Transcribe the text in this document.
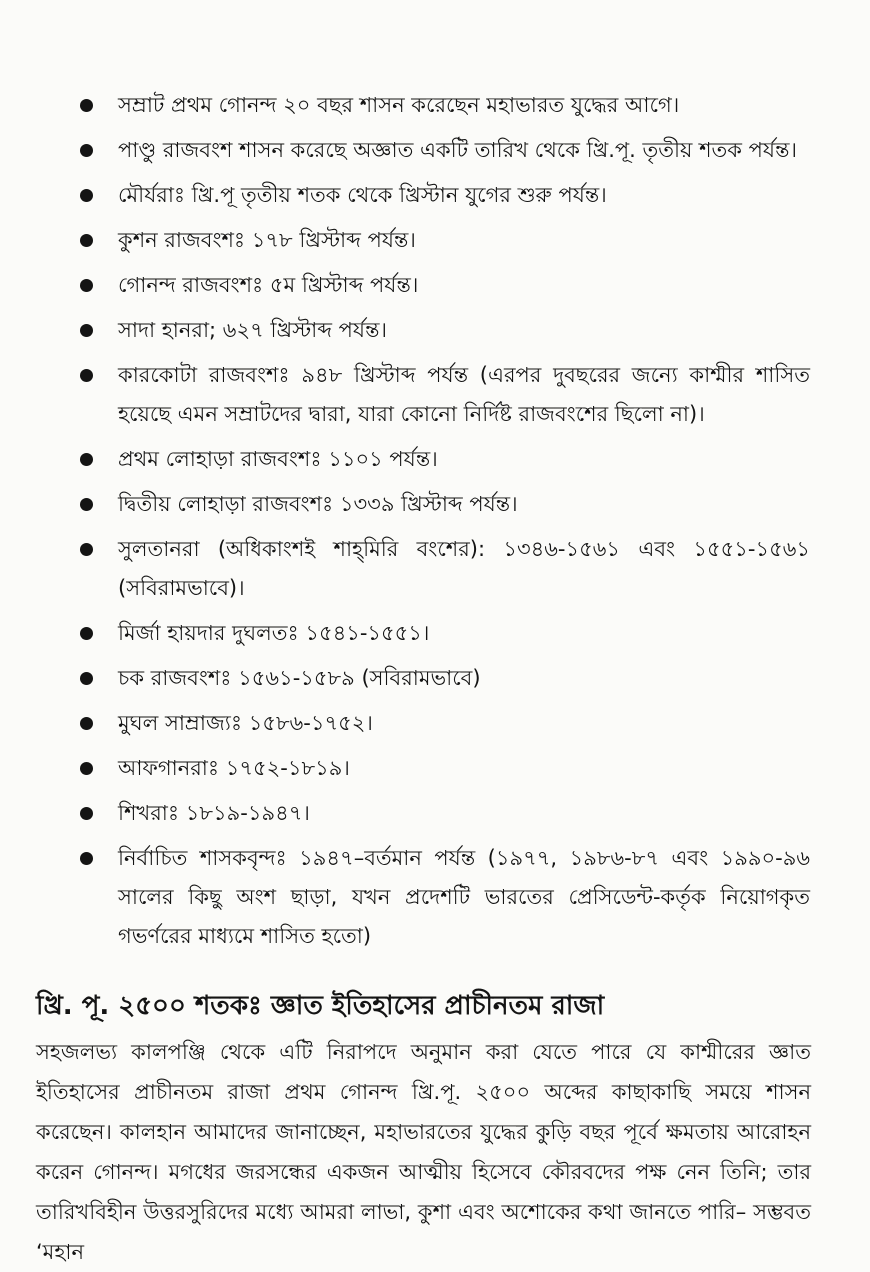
সম্রাট প্রথম গোনন্দ ২০ বছর শাসন করেছেন মহাভারত যুদ্ধের আগে।
পাণ্ডু রাজবংশ শাসন করেছে অজ্ঞাত একটি তারিখ থেকে খ্রি.পূ. তৃতীয় শতক পর্যন্ত।
মৌর্যরাঃ খ্রি.পূ তৃতীয় শতক থেকে খ্রিস্টান যুগের শুরু পর্যন্ত।
কুশন রাজবংশঃ ১৭৮ খ্রিস্টাব্দ পর্যন্ত।
গোনন্দ রাজবংশঃ ৫ম খ্রিস্টাব্দ পর্যন্ত।
সাদা হানরা; ৬২৭ খ্রিস্টাব্দ পর্যন্ত।
কারকোটা রাজবংশঃ ৯৪৮ খ্রিস্টাব্দ পর্যন্ত (এরপর দুবছরের জন্যে কাশ্মীর শাসিত হয়েছে এমন সম্রাটদের দ্বারা, যারা কোনো নির্দিষ্ট রাজবংশের ছিলো না)।
প্রথম লোহাড়া রাজবংশঃ ১১০১ পর্যন্ত।
দ্বিতীয় লোহাড়া রাজবংশঃ ১৩৩৯ খ্রিস্টাব্দ পর্যন্ত।
সুলতানরা (অধিকাংশই শাহ্‌মিরি বংশের): ১৩৪৬-১৫৬১ এবং ১৫৫১-১৫৬১ (সবিরামভাবে)।
মির্জা হায়দার দুঘলতঃ ১৫৪১-১৫৫১।
চক রাজবংশঃ ১৫৬১-১৫৮৯ (সবিরামভাবে)
মুঘল সাম্রাজ্যঃ ১৫৮৬-১৭৫২।
আফগানরাঃ ১৭৫২-১৮১৯।
শিখরাঃ ১৮১৯-১৯৪৭।
নির্বাচিত শাসকবৃন্দঃ ১৯৪৭–বর্তমান পর্যন্ত (১৯৭৭, ১৯৮৬-৮৭ এবং ১৯৯০-৯৬ সালের কিছু অংশ ছাড়া, যখন প্রদেশটি ভারতের প্রেসিডেন্ট-কর্তৃক নিয়োগকৃত গভর্ণরের মাধ্যমে শাসিত হতো)
খ্রি. পূ. ২৫০০ শতকঃ জ্ঞাত ইতিহাসের প্রাচীনতম রাজা

সহজলভ্য কালপঞ্জি থেকে এটি নিরাপদে অনুমান করা যেতে পারে যে কাশ্মীরের জ্ঞাত ইতিহাসের প্রাচীনতম রাজা প্রথম গোনন্দ খ্রি.পূ. ২৫০০ অব্দের কাছাকাছি সময়ে শাসন করেছেন। কালহান আমাদের জানাচ্ছেন, মহাভারতের যুদ্ধের কুড়ি বছর পূর্বে ক্ষমতায় আরোহন করেন গোনন্দ। মগধের জরসন্ধের একজন আত্মীয় হিসেবে কৌরবদের পক্ষ নেন তিনি; তার তারিখবিহীন উত্তরসুরিদের মধ্যে আমরা লাভা, কুশা এবং অশোকের কথা জানতে পারি– সম্ভবত ‘মহান
